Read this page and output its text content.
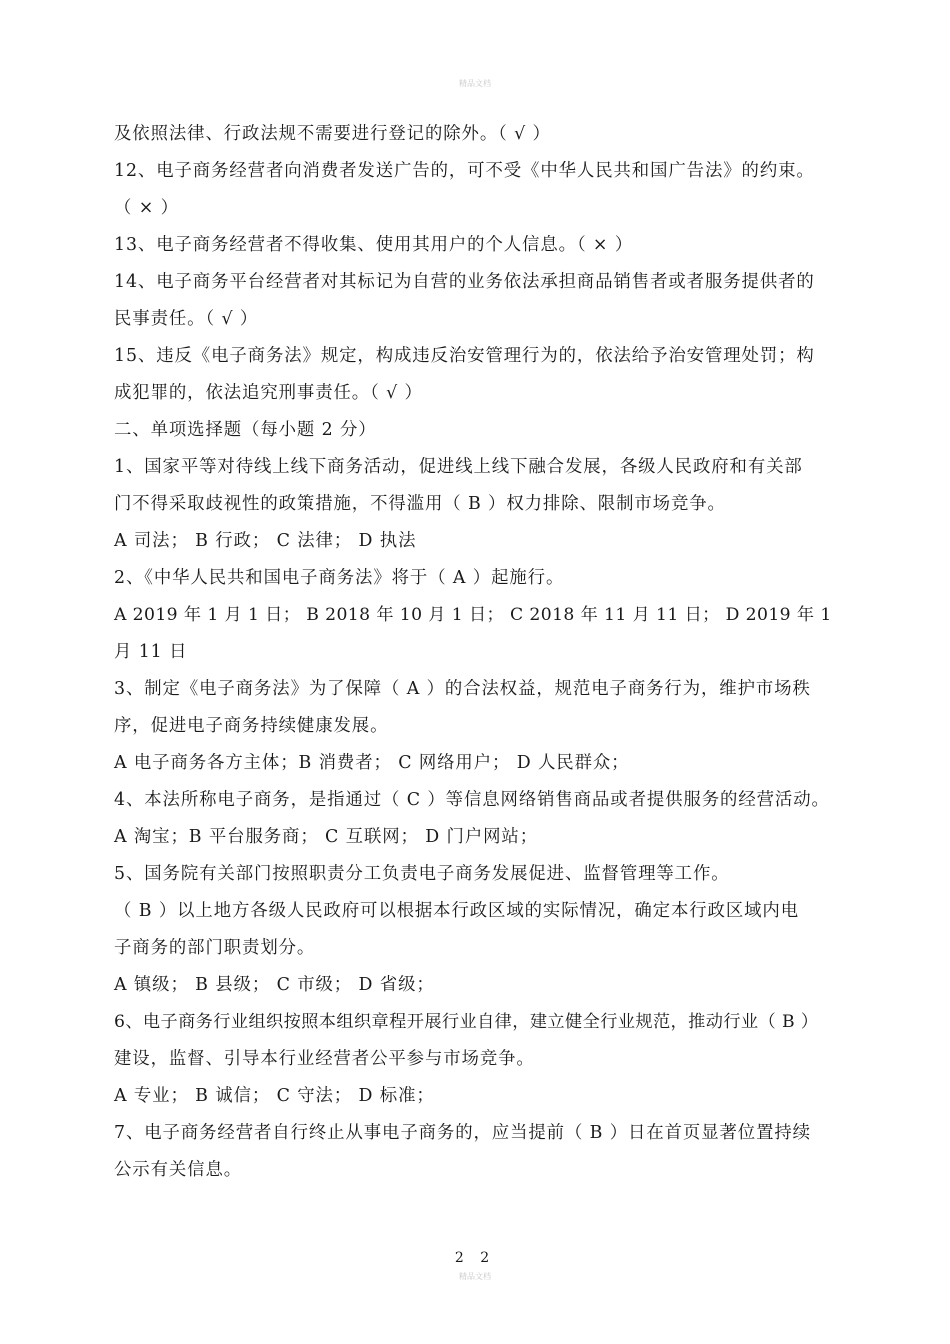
精品文档
及依照法律、行政法规不需要进行登记的除外。（ √ ）
12、电子商务经营者向消费者发送广告的，可不受《中华人民共和国广告法》的约束。
（ × ）
13、电子商务经营者不得收集、使用其用户的个人信息。（ × ）
14、电子商务平台经营者对其标记为自营的业务依法承担商品销售者或者服务提供者的
民事责任。（ √ ）
15、违反《电子商务法》规定，构成违反治安管理行为的，依法给予治安管理处罚；构
成犯罪的，依法追究刑事责任。（ √ ）
二、单项选择题（每小题 2 分）
1、国家平等对待线上线下商务活动，促进线上线下融合发展，各级人民政府和有关部
门不得采取歧视性的政策措施，不得滥用（ B ）权力排除、限制市场竞争。
A 司法； B 行政； C 法律； D 执法
2、《中华人民共和国电子商务法》将于（ A ）起施行。
A 2019 年 1 月 1 日； B 2018 年 10 月 1 日； C 2018 年 11 月 11 日； D 2019 年 1
月 11 日
3、制定《电子商务法》为了保障（ A ）的合法权益，规范电子商务行为，维护市场秩
序，促进电子商务持续健康发展。
A 电子商务各方主体；B 消费者； C 网络用户； D 人民群众；
4、本法所称电子商务，是指通过（ C ）等信息网络销售商品或者提供服务的经营活动。
A 淘宝；B 平台服务商； C 互联网； D 门户网站；
5、国务院有关部门按照职责分工负责电子商务发展促进、监督管理等工作。
（ B ）以上地方各级人民政府可以根据本行政区域的实际情况，确定本行政区域内电
子商务的部门职责划分。
A 镇级； B 县级； C 市级； D 省级；
6、电子商务行业组织按照本组织章程开展行业自律，建立健全行业规范，推动行业（ B ）
建设，监督、引导本行业经营者公平参与市场竞争。
A 专业； B 诚信； C 守法； D 标准；
7、电子商务经营者自行终止从事电子商务的，应当提前（ B ）日在首页显著位置持续
公示有关信息。
2 2
精品文档
